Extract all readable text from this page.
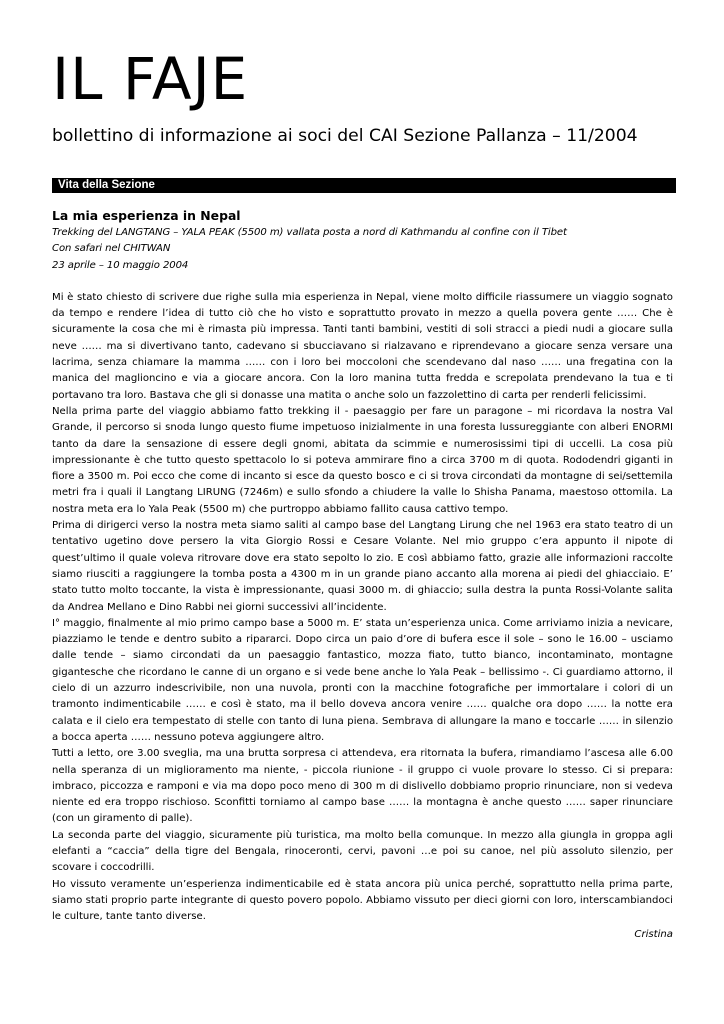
IL FAJE

bollettino di informazione ai soci del CAI Sezione Pallanza – 11/2004

Vita della Sezione
La mia esperienza in Nepal

Trekking del LANGTANG – YALA PEAK (5500 m) vallata posta a nord di Kathmandu al confine con il Tibet

Con safari nel CHITWAN

23 aprile – 10 maggio 2004

Mi è stato chiesto di scrivere due righe sulla mia esperienza in Nepal, viene molto difficile riassumere un viaggio sognato da tempo e rendere l’idea di tutto ciò che ho visto e soprattutto provato in mezzo a quella povera gente …… Che è sicuramente la cosa che mi è rimasta più impressa. Tanti tanti bambini, vestiti di soli stracci a piedi nudi a giocare sulla neve …… ma si divertivano tanto, cadevano si sbucciavano si rialzavano e riprendevano a giocare senza versare una lacrima, senza chiamare la mamma …… con i loro bei moccoloni che scendevano dal naso …… una fregatina con la manica del maglioncino e via a giocare ancora. Con la loro manina tutta fredda e screpolata prendevano la tua e ti portavano tra loro. Bastava che gli si donasse una matita o anche solo un fazzolettino di carta per renderli felicissimi.

Nella prima parte del viaggio abbiamo fatto trekking il - paesaggio per fare un paragone – mi ricordava la nostra Val Grande, il percorso si snoda lungo questo fiume impetuoso inizialmente in una foresta lussureggiante con alberi ENORMI tanto da dare la sensazione di essere degli gnomi, abitata da scimmie e numerosissimi tipi di uccelli. La cosa più impressionante è che tutto questo spettacolo lo si poteva ammirare fino a circa 3700 m di quota. Rododendri giganti in fiore a 3500 m. Poi ecco che come di incanto si esce da questo bosco e ci si trova circondati da montagne di sei/settemila metri fra i quali il Langtang LIRUNG (7246m) e sullo sfondo a chiudere la valle lo Shisha Panama, maestoso ottomila. La nostra meta era lo Yala Peak (5500 m) che purtroppo abbiamo fallito causa cattivo tempo.

Prima di dirigerci verso la nostra meta siamo saliti al campo base del Langtang Lirung che nel 1963 era stato teatro di un tentativo ugetino dove persero la vita Giorgio Rossi e Cesare Volante. Nel mio gruppo c’era appunto il nipote di quest’ultimo il quale voleva ritrovare dove era stato sepolto lo zio. E così abbiamo fatto, grazie alle informazioni raccolte siamo riusciti a raggiungere la tomba posta a 4300 m in un grande piano accanto alla morena ai piedi del ghiacciaio. E’ stato tutto molto toccante, la vista è impressionante, quasi 3000 m. di ghiaccio; sulla destra la punta Rossi-Volante salita da Andrea Mellano e Dino Rabbi nei giorni successivi all’incidente.

I° maggio, finalmente al mio primo campo base a 5000 m. E’ stata un’esperienza unica. Come arriviamo inizia a nevicare, piazziamo le tende e dentro subito a ripararci. Dopo circa un paio d’ore di bufera esce il sole – sono le 16.00 – usciamo dalle tende – siamo circondati da un paesaggio fantastico, mozza fiato, tutto bianco, incontaminato, montagne gigantesche che ricordano le canne di un organo e si vede bene anche lo Yala Peak – bellissimo -. Ci guardiamo attorno, il cielo di un azzurro indescrivibile, non una nuvola, pronti con la macchine fotografiche per immortalare i colori di un tramonto indimenticabile …… e così è stato, ma il bello doveva ancora venire …… qualche ora dopo …… la notte era calata e il cielo era tempestato di stelle con tanto di luna piena. Sembrava di allungare la mano e toccarle …… in silenzio a bocca aperta …… nessuno poteva aggiungere altro.

Tutti a letto, ore 3.00 sveglia, ma una brutta sorpresa ci attendeva, era ritornata la bufera, rimandiamo l’ascesa alle 6.00 nella speranza di un miglioramento ma niente, - piccola riunione - il gruppo ci vuole provare lo stesso. Ci si prepara: imbraco, piccozza e ramponi e via ma dopo poco meno di 300 m di dislivello dobbiamo proprio rinunciare, non si vedeva niente ed era troppo rischioso. Sconfitti torniamo al campo base …… la montagna è anche questo …… saper rinunciare (con un giramento di palle).

La seconda parte del viaggio, sicuramente più turistica, ma molto bella comunque. In mezzo alla giungla in groppa agli elefanti a “caccia” della tigre del Bengala, rinoceronti, cervi, pavoni …e poi su canoe, nel più assoluto silenzio, per scovare i coccodrilli.

Ho vissuto veramente un’esperienza indimenticabile ed è stata ancora più unica perché, soprattutto nella prima parte, siamo stati proprio parte integrante di questo povero popolo. Abbiamo vissuto per dieci giorni con loro, interscambiandoci le culture, tante tanto diverse.

Cristina
